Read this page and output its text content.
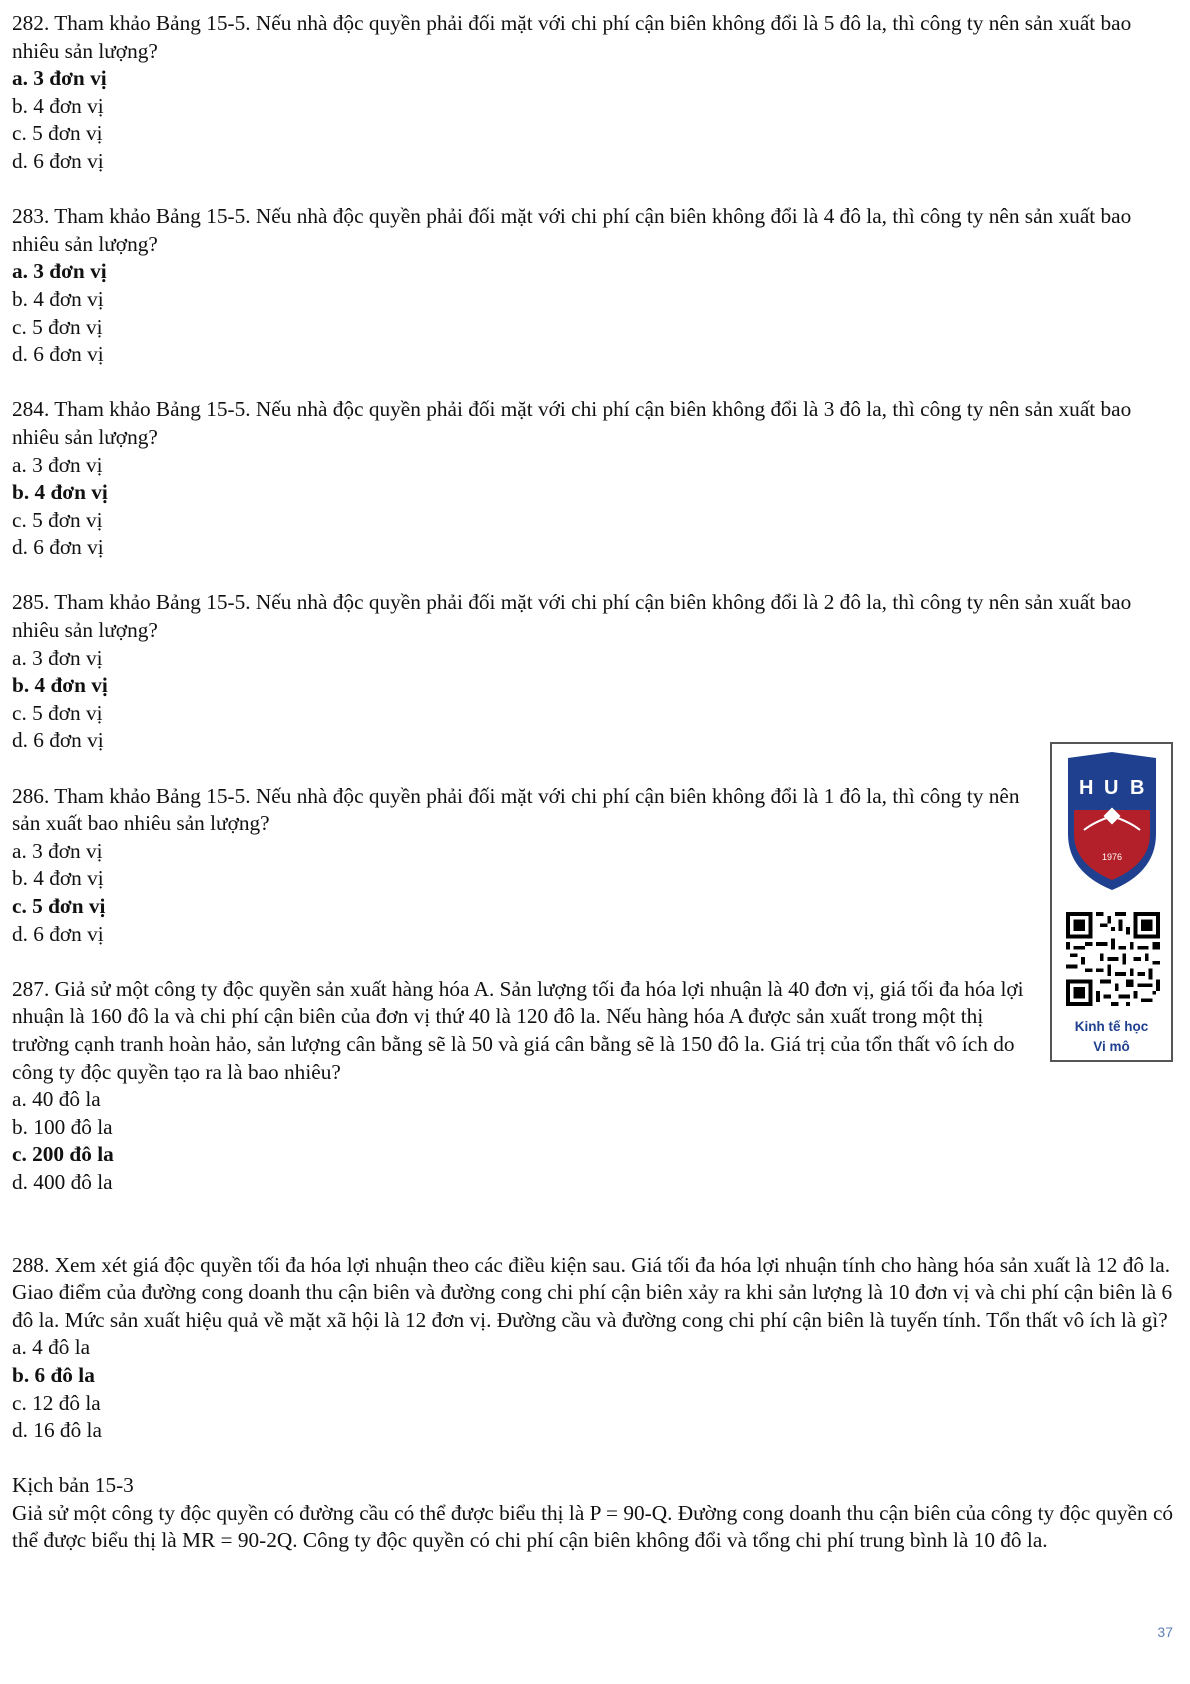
282. Tham khảo Bảng 15-5. Nếu nhà độc quyền phải đối mặt với chi phí cận biên không đổi là 5 đô la, thì công ty nên sản xuất bao nhiêu sản lượng?

a. 3 đơn vị

b. 4 đơn vị

c. 5 đơn vị

d. 6 đơn vị

283. Tham khảo Bảng 15-5. Nếu nhà độc quyền phải đối mặt với chi phí cận biên không đổi là 4 đô la, thì công ty nên sản xuất bao nhiêu sản lượng?

a. 3 đơn vị

b. 4 đơn vị

c. 5 đơn vị

d. 6 đơn vị

284. Tham khảo Bảng 15-5. Nếu nhà độc quyền phải đối mặt với chi phí cận biên không đổi là 3 đô la, thì công ty nên sản xuất bao nhiêu sản lượng?

a. 3 đơn vị

b. 4 đơn vị

c. 5 đơn vị

d. 6 đơn vị

285. Tham khảo Bảng 15-5. Nếu nhà độc quyền phải đối mặt với chi phí cận biên không đổi là 2 đô la, thì công ty nên sản xuất bao nhiêu sản lượng?

a. 3 đơn vị

b. 4 đơn vị

c. 5 đơn vị

d. 6 đơn vị

286. Tham khảo Bảng 15-5. Nếu nhà độc quyền phải đối mặt với chi phí cận biên không đổi là 1 đô la, thì công ty nên sản xuất bao nhiêu sản lượng?

a. 3 đơn vị

b. 4 đơn vị

c. 5 đơn vị

d. 6 đơn vị

287. Giả sử một công ty độc quyền sản xuất hàng hóa A. Sản lượng tối đa hóa lợi nhuận là 40 đơn vị, giá tối đa hóa lợi nhuận là 160 đô la và chi phí cận biên của đơn vị thứ 40 là 120 đô la. Nếu hàng hóa A được sản xuất trong một thị trường cạnh tranh hoàn hảo, sản lượng cân bằng sẽ là 50 và giá cân bằng sẽ là 150 đô la. Giá trị của tổn thất vô ích do công ty độc quyền tạo ra là bao nhiêu?

a. 40 đô la

b. 100 đô la

c. 200 đô la

d. 400 đô la

288. Xem xét giá độc quyền tối đa hóa lợi nhuận theo các điều kiện sau. Giá tối đa hóa lợi nhuận tính cho hàng hóa sản xuất là 12 đô la. Giao điểm của đường cong doanh thu cận biên và đường cong chi phí cận biên xảy ra khi sản lượng là 10 đơn vị và chi phí cận biên là 6 đô la. Mức sản xuất hiệu quả về mặt xã hội là 12 đơn vị. Đường cầu và đường cong chi phí cận biên là tuyến tính. Tổn thất vô ích là gì?

a. 4 đô la

b. 6 đô la

c. 12 đô la

d. 16 đô la

Kịch bản 15-3

Giả sử một công ty độc quyền có đường cầu có thể được biểu thị là P = 90-Q. Đường cong doanh thu cận biên của công ty độc quyền có thể được biểu thị là MR = 90-2Q. Công ty độc quyền có chi phí cận biên không đổi và tổng chi phí trung bình là 10 đô la.

H U B
1976
Kinh tế học
Vi mô
37
